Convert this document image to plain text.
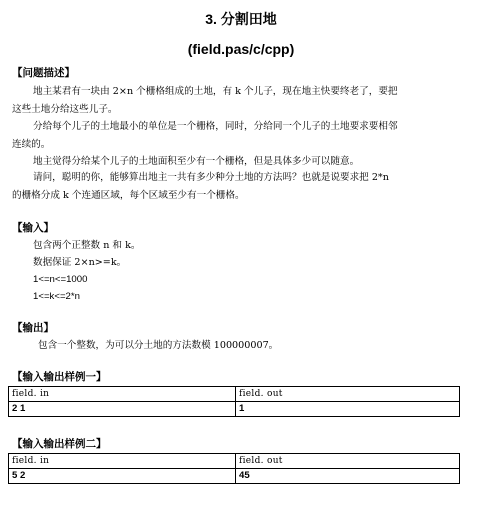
3. 分割田地
(field.pas/c/cpp)
【问题描述】
地主某君有一块由 2×n 个栅格组成的土地，有 k 个儿子，现在地主快要终老了，要把
这些土地分给这些儿子。
分给每个儿子的土地最小的单位是一个栅格，同时，分给同一个儿子的土地要求要相邻
连续的。
地主觉得分给某个儿子的土地面积至少有一个栅格，但是具体多少可以随意。
请问，聪明的你，能够算出地主一共有多少种分土地的方法吗？也就是说要求把 2*n
的栅格分成 k 个连通区域，每个区域至少有一个栅格。
【输入】
包含两个正整数 n 和 k。
数据保证 2×n>=k。
1<=n<=1000
1<=k<=2*n
【输出】
包含一个整数，为可以分土地的方法数模 100000007。
【输入输出样例一】
field. in	field. out
2 1	1
【输入输出样例二】
field. in	field. out
5 2	45
